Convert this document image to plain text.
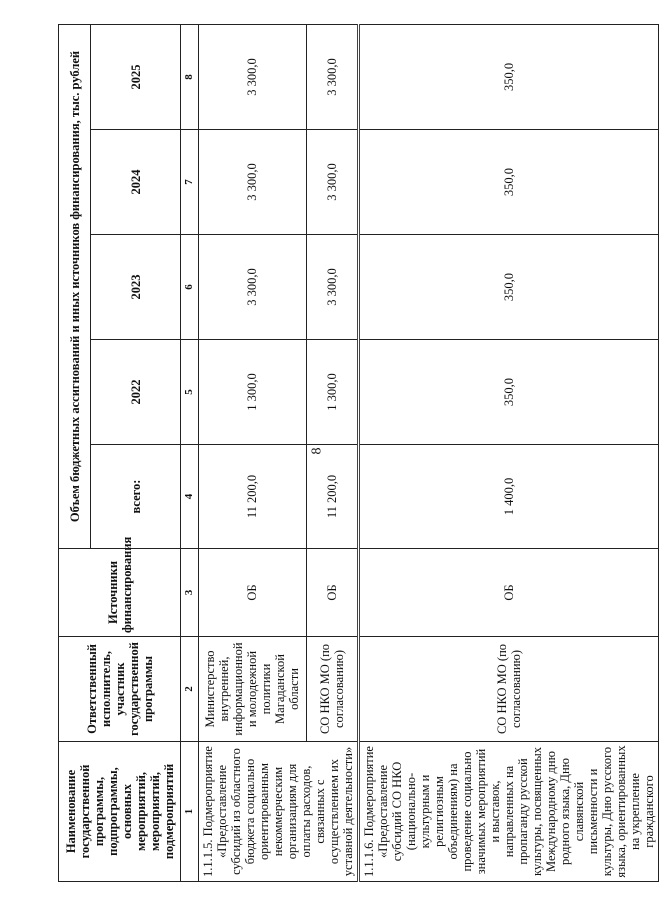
8
Наименование государственной программы, подпрограммы, основных мероприятий, мероприятий, подмероприятий	Ответственный исполнитель, участник государственной программы	Источники финансирования	Объем бюджетных ассигнований и иных источников финансирования, тыс. рублей				
			всего:	2022	2023	2024	2025
1	2	3	4	5	6	7	8
1.1.1.5. Подмероприятие «Предоставление субсидий из областного бюджета социально ориентированным некоммерческим организациям для оплаты расходов, связанных с осуществлением их уставной деятельности»	Министерство внутренней, информационной и молодежной политики Магаданской области	ОБ	11 200,0	1 300,0	3 300,0	3 300,0	3 300,0
	СО НКО МО (по согласованию)	ОБ	11 200,0	1 300,0	3 300,0	3 300,0	3 300,0
1.1.1.6. Подмероприятие «Предоставление субсидий СО НКО (национально-культурным и религиозным объединениям) на проведение социально значимых мероприятий и выставок, направленных на пропаганду русской культуры, посвященных Международному дню родного языка, Дню славянской письменности и культуры, Дню русского языка, ориентированных на укрепление гражданского	СО НКО МО (по согласованию)	ОБ	1 400,0	350,0	350,0	350,0	350,0
